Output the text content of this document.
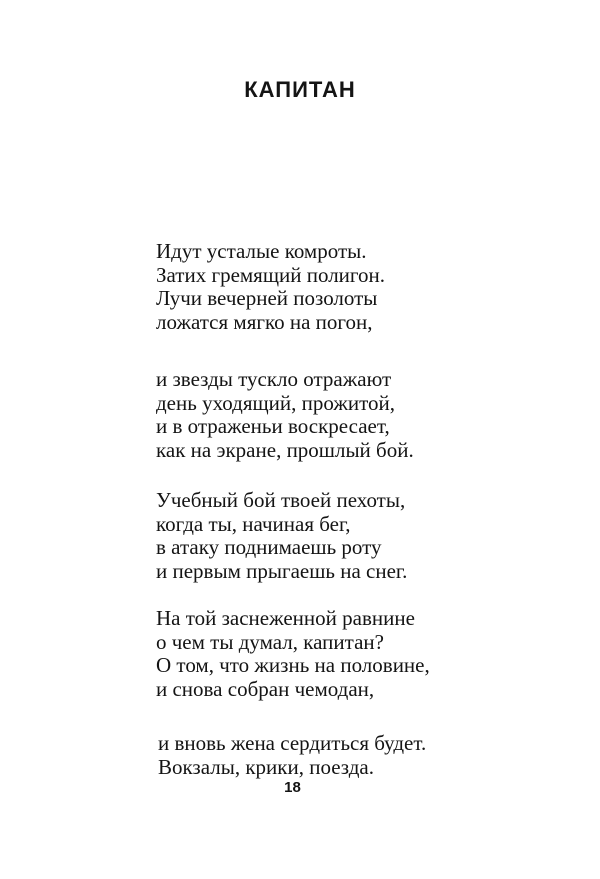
КАПИТАН
Идут усталые комроты.
Затих гремящий полигон.
Лучи вечерней позолоты
ложатся мягко на погон,
и звезды тускло отражают
день уходящий, прожитой,
и в отраженьи воскресает,
как на экране, прошлый бой.
Учебный бой твоей пехоты,
когда ты, начиная бег,
в атаку поднимаешь роту
и первым прыгаешь на снег.
На той заснеженной равнине
о чем ты думал, капитан?
О том, что жизнь на половине,
и снова собран чемодан,
и вновь жена сердиться будет.
Вокзалы, крики, поезда.

18
